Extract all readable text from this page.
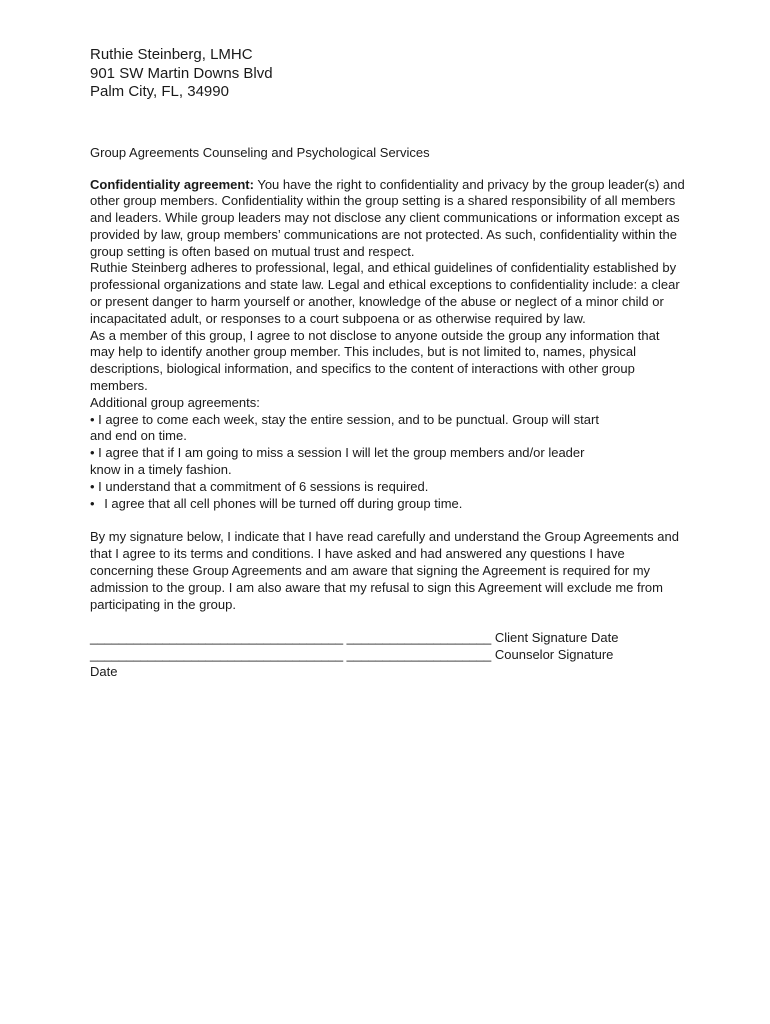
Ruthie Steinberg, LMHC
901 SW Martin Downs Blvd
Palm City, FL, 34990
Group Agreements Counseling and Psychological Services

Confidentiality agreement: You have the right to confidentiality and privacy by the group leader(s) and other group members. Confidentiality within the group setting is a shared responsibility of all members and leaders. While group leaders may not disclose any client communications or information except as provided by law, group members’ communications are not protected. As such, confidentiality within the group setting is often based on mutual trust and respect.

Ruthie Steinberg adheres to professional, legal, and ethical guidelines of confidentiality established by professional organizations and state law. Legal and ethical exceptions to confidentiality include: a clear or present danger to harm yourself or another, knowledge of the abuse or neglect of a minor child or incapacitated adult, or responses to a court subpoena or as otherwise required by law.

As a member of this group, I agree to not disclose to anyone outside the group any information that may help to identify another group member. This includes, but is not limited to, names, physical descriptions, biological information, and specifics to the content of interactions with other group members.

Additional group agreements:

• I agree to come each week, stay the entire session, and to be punctual. Group will start and end on time.

• I agree that if I am going to miss a session I will let the group members and/or leader know in a timely fashion.

• I understand that a commitment of 6 sessions is required.

• I agree that all cell phones will be turned off during group time.

By my signature below, I indicate that I have read carefully and understand the Group Agreements and that I agree to its terms and conditions. I have asked and had answered any questions I have concerning these Group Agreements and am aware that signing the Agreement is required for my admission to the group. I am also aware that my refusal to sign this Agreement will exclude me from participating in the group.

___________________________________ ____________________ Client Signature Date

___________________________________ ____________________ Counselor Signature

Date
